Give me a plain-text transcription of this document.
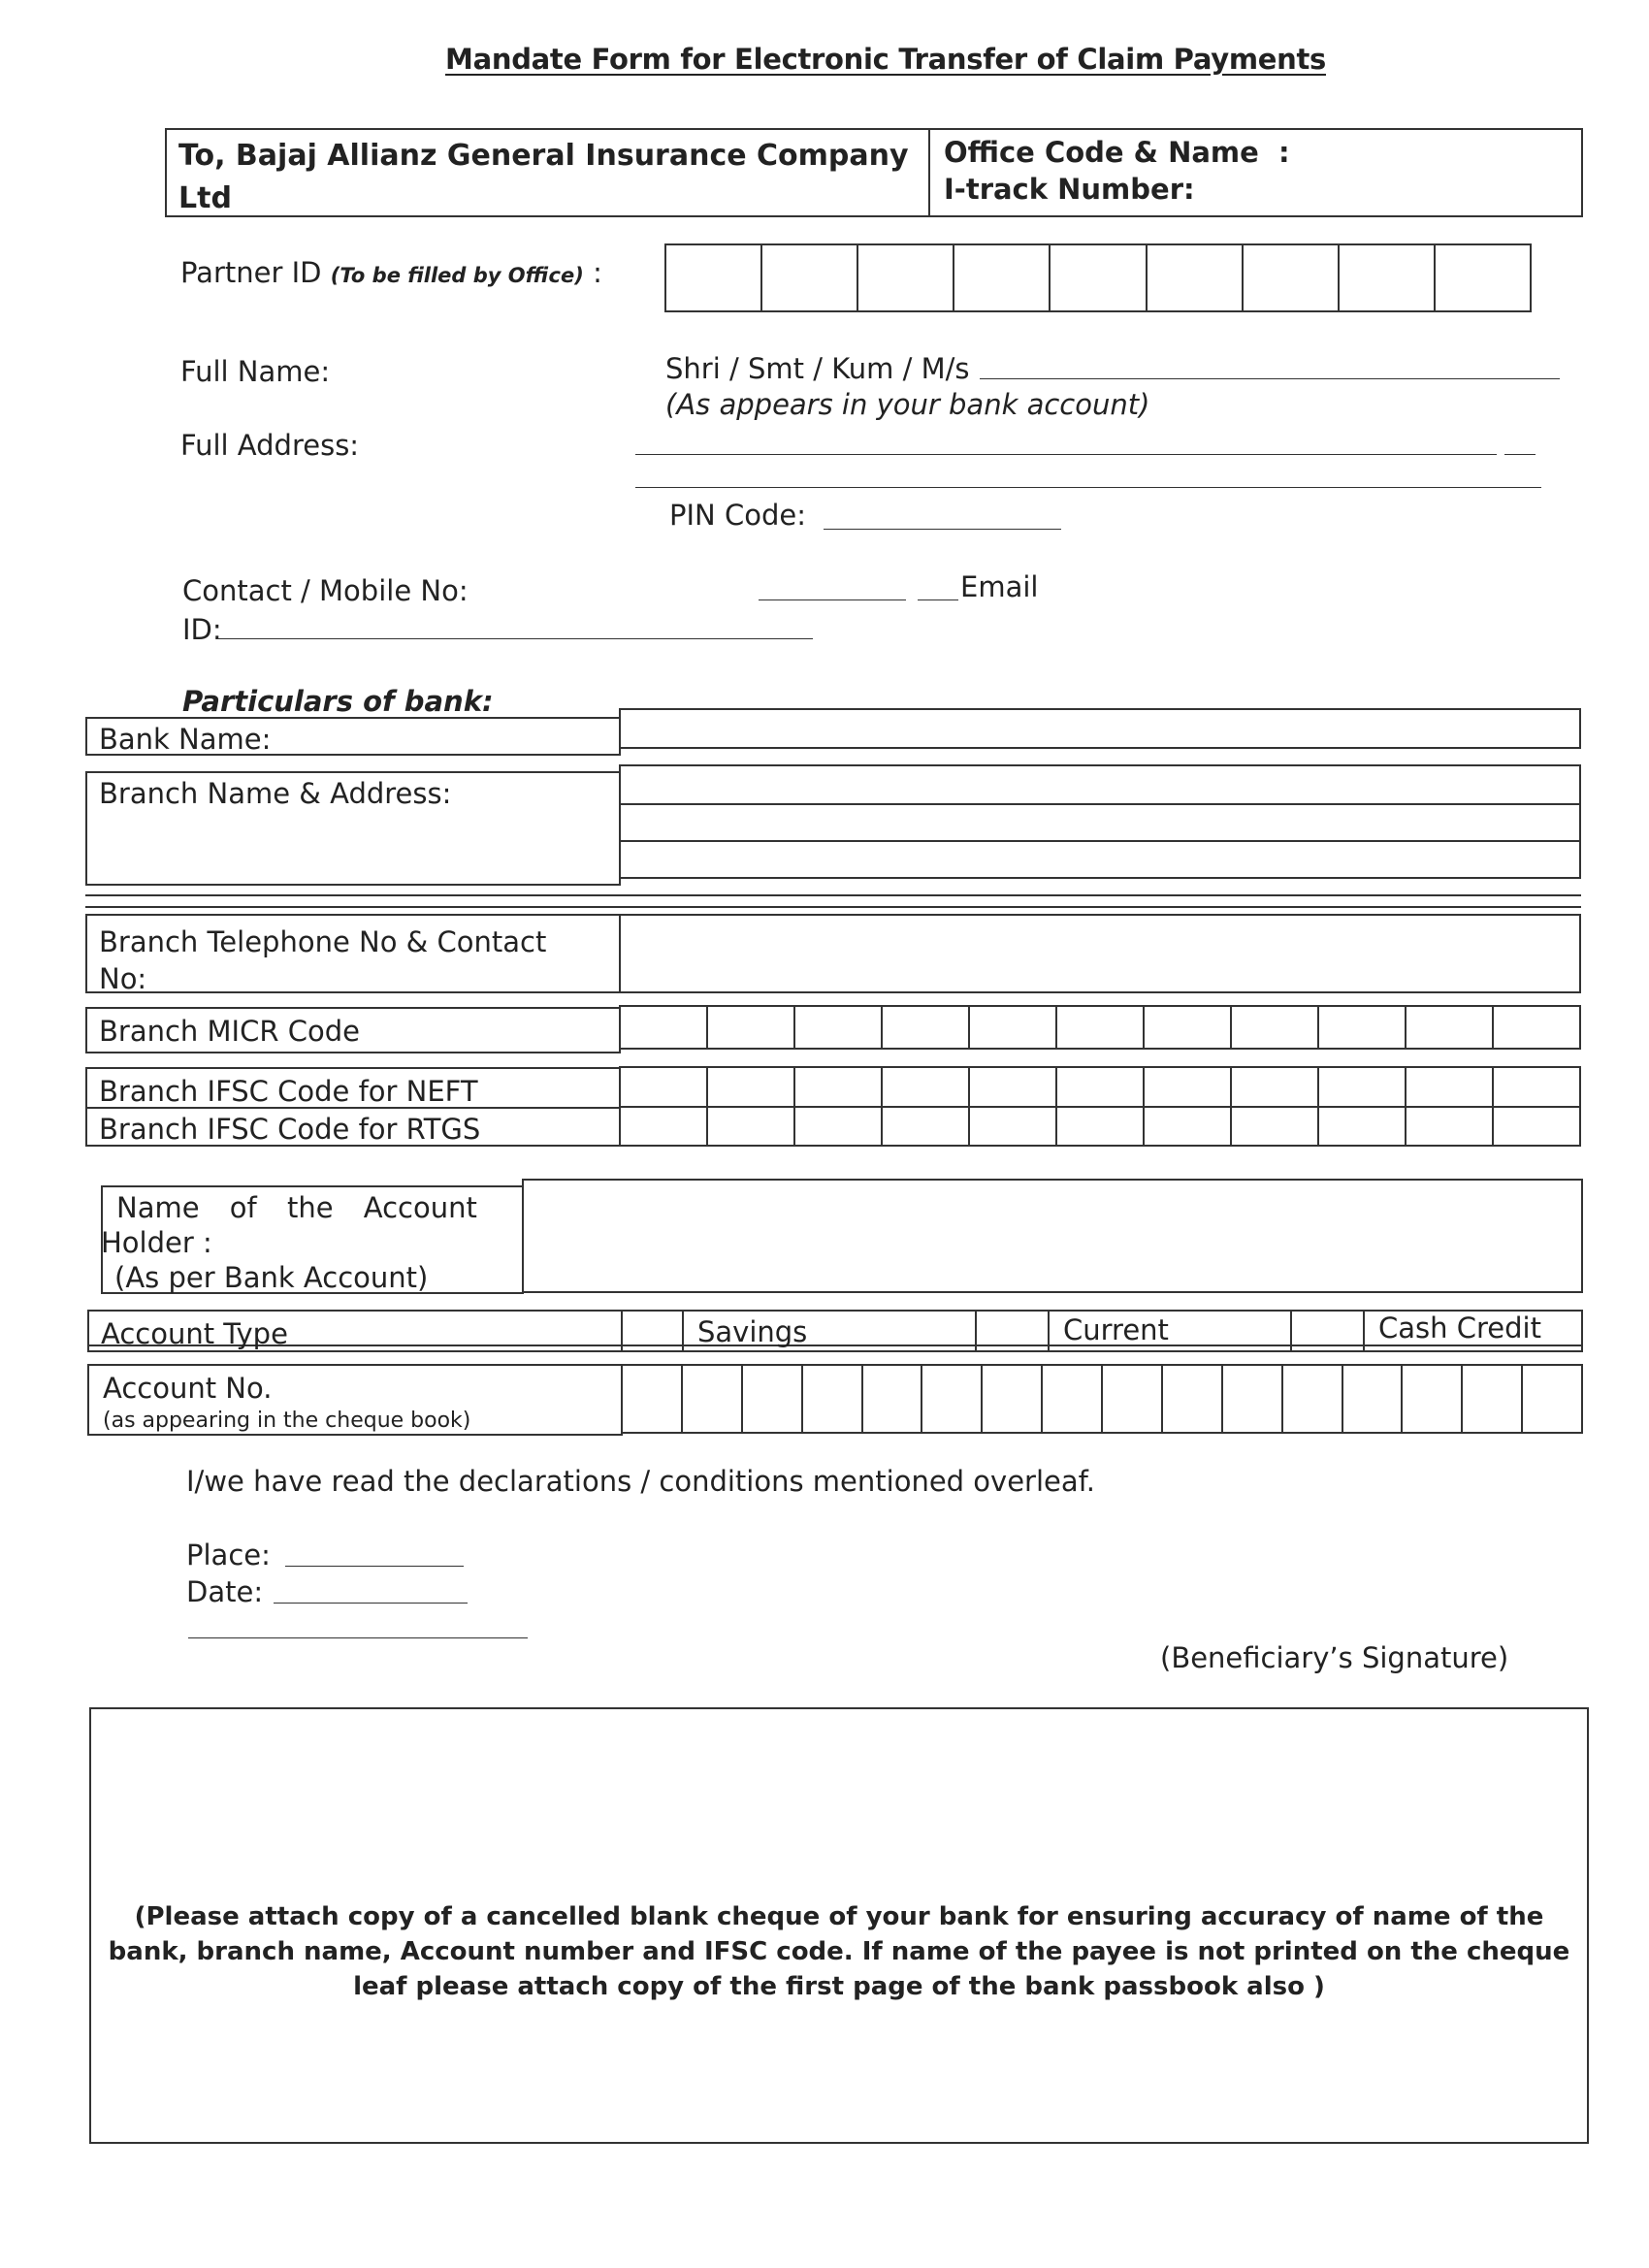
Mandate Form for Electronic Transfer of Claim Payments
To, Bajaj Allianz General Insurance Company
Ltd
Office Code & Name :
I-track Number:
Partner ID (To be filled by Office) :
Full Name:	Shri / Smt / Kum / M/s
(As appears in your bank account)
Full Address:
PIN Code:
Contact / Mobile No:	Email
ID:
Particulars of bank:
Bank Name:
Branch Name & Address:
Branch Telephone No & Contact
No:
Branch MICR Code
Branch IFSC Code for NEFT
Branch IFSC Code for RTGS
Name of the Account
Holder :
(As per Bank Account)
Account Type	Savings	Current	Cash Credit
Account No.
(as appearing in the cheque book)
I/we have read the declarations / conditions mentioned overleaf.
Place:
Date:
(Beneficiary’s Signature)
(Please attach copy of a cancelled blank cheque of your bank for ensuring accuracy of name of the bank, branch name, Account number and IFSC code. If name of the payee is not printed on the cheque leaf please attach copy of the first page of the bank passbook also )
